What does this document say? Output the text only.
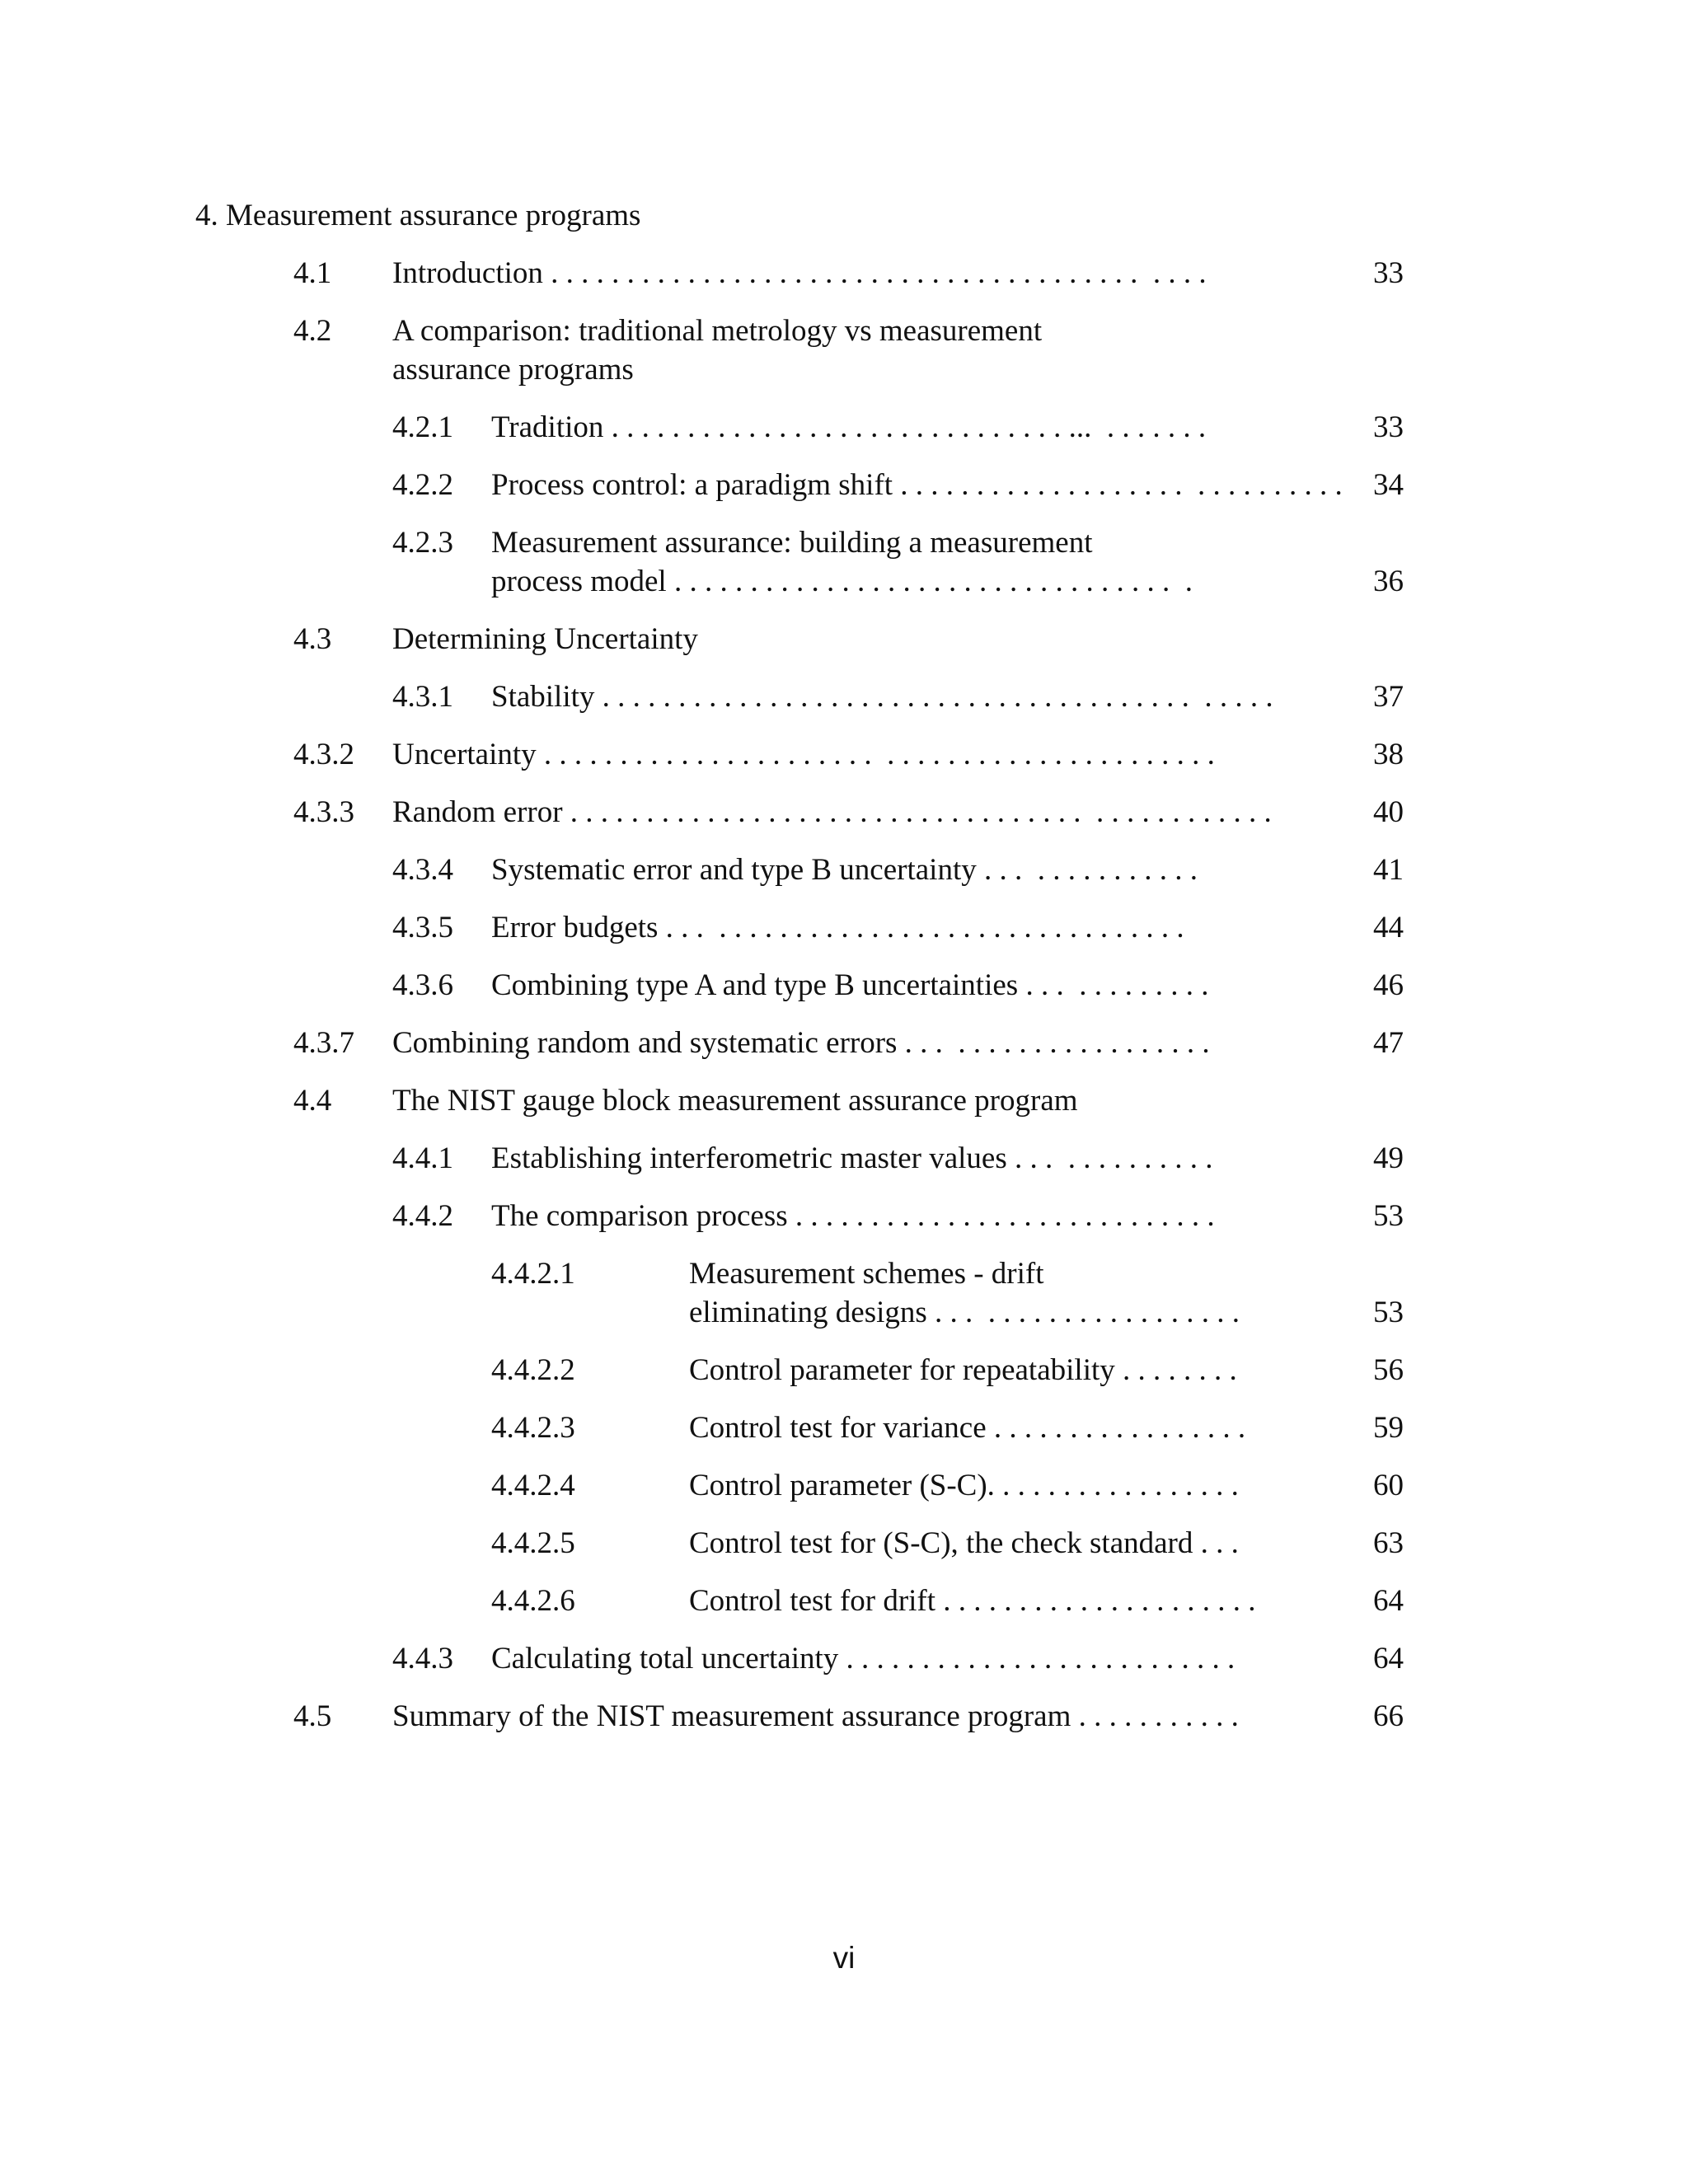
4. Measurement assurance programs
4.1 Introduction . . . . . . . . . . . . . . . . . . . . . . . . . . . . . . . . . . . . . . .  . . . .	33
4.2 A comparison: traditional metrology vs measurement
assurance programs
4.2.1 Tradition . . . . . . . . . . . . . . . . . . . . . . . . . . . . . . ...  . . . . . . .	33
4.2.2 Process control: a paradigm shift . . . . . . . . . . . . . . . . . . .  . . . . . . . . . . 34
4.2.3 Measurement assurance: building a measurement
process model . . . . . . . . . . . . . . . . . . . . . . . . . . . . . . . . .  .	36
4.3 Determining Uncertainty
4.3.1 Stability . . . . . . . . . . . . . . . . . . . . . . . . . . . . . . . . . . . . . . .  . . . . .	37
4.3.2 Uncertainty . . . . . . . . . . . . . . . . . . . . . .  . . . . . . . . . . . . . . . . . . . . . .	38
4.3.3 Random error . . . . . . . . . . . . . . . . . . . . . . . . . . . . . . . . . .  . . . . . . . . . . . .	40
4.3.4 Systematic error and type B uncertainty . . .  . . . . . . . . . . .	41
4.3.5 Error budgets . . .  . . . . . . . . . . . . . . . . . . . . . . . . . . . . . . .	44
4.3.6 Combining type A and type B uncertainties . . .  . . . . . . . . .	46
4.3.7 Combining random and systematic errors . . .  . . . . . . . . . . . . . . . . .	47
4.4 The NIST gauge block measurement assurance program
4.4.1 Establishing interferometric master values . . .  . . . . . . . . . .	49
4.4.2 The comparison process . . . . . . . . . . . . . . . . . . . . . . . . . . . .	53
4.4.2.1	Measurement schemes - drift
eliminating designs . . .  . . . . . . . . . . . . . . . . .	53
4.4.2.2	Control parameter for repeatability . . . . . . . .	56
4.4.2.3	Control test for variance . . . . . . . . . . . . . . . . .	59
4.4.2.4	Control parameter (S-C). . . . . . . . . . . . . . . . .	60
4.4.2.5	Control test for (S-C), the check standard . . .	63
4.4.2.6	Control test for drift . . . . . . . . . . . . . . . . . . . . .	64
4.4.3 Calculating total uncertainty . . . . . . . . . . . . . . . . . . . . . . . . . .	64
4.5 Summary of the NIST measurement assurance program . . . . . . . . . . .	66
vi
